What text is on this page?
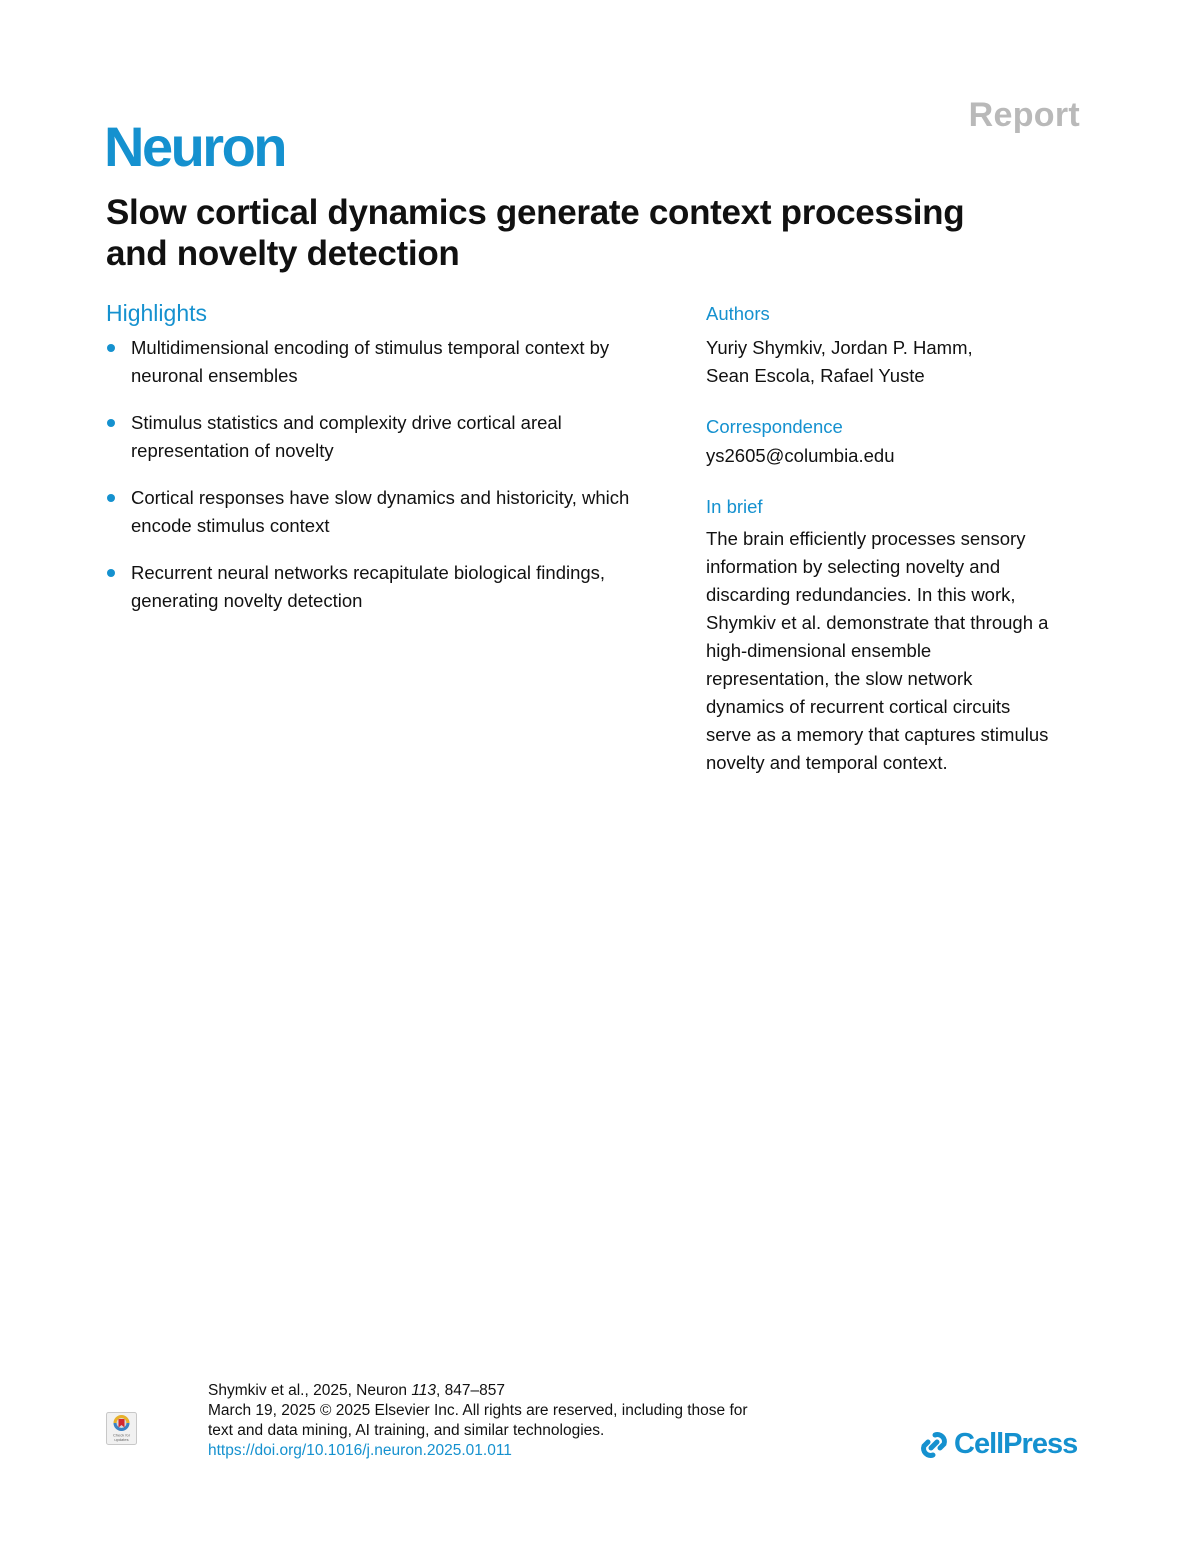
Report
Neuron
Slow cortical dynamics generate context processing
and novelty detection
Highlights
Multidimensional encoding of stimulus temporal context by
neuronal ensembles
Stimulus statistics and complexity drive cortical areal
representation of novelty
Cortical responses have slow dynamics and historicity, which
encode stimulus context
Recurrent neural networks recapitulate biological findings,
generating novelty detection

Authors

Yuriy Shymkiv, Jordan P. Hamm,
Sean Escola, Rafael Yuste

Correspondence

ys2605@columbia.edu

In brief

The brain efficiently processes sensory
information by selecting novelty and
discarding redundancies. In this work,
Shymkiv et al. demonstrate that through a
high-dimensional ensemble
representation, the slow network
dynamics of recurrent cortical circuits
serve as a memory that captures stimulus
novelty and temporal context.

Check for
updates
Shymkiv et al., 2025, Neuron 113, 847–857
March 19, 2025 © 2025 Elsevier Inc. All rights are reserved, including those for
text and data mining, AI training, and similar technologies.
https://doi.org/10.1016/j.neuron.2025.01.011	CellPress
